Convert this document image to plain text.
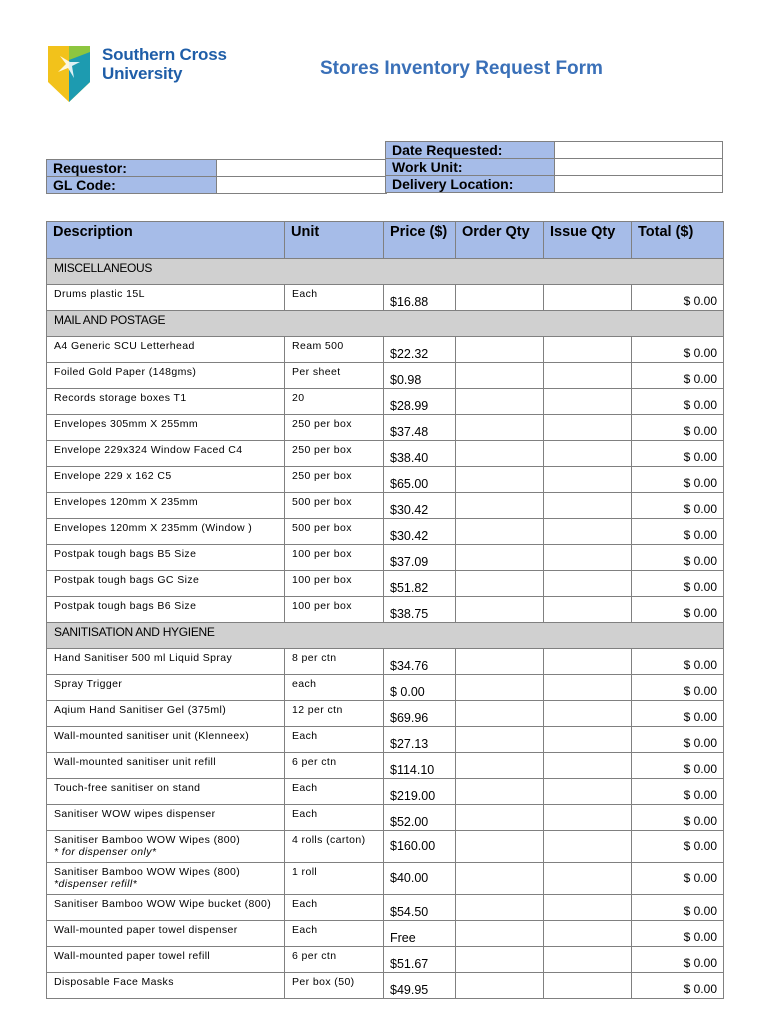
Southern Cross
University	Stores Inventory Request Form
Requestor:	
GL Code:	
Date Requested:	
Work Unit:	
Delivery Location:	
Description	Unit	Price ($)	Order Qty	Issue Qty	Total ($)
MISCELLANEOUS					
Drums plastic 15L	Each	$16.88			$ 0.00
MAIL AND POSTAGE					
A4 Generic SCU Letterhead	Ream 500	$22.32			$ 0.00
Foiled Gold Paper (148gms)	Per sheet	$0.98			$ 0.00
Records storage boxes T1	20	$28.99			$ 0.00
Envelopes 305mm X 255mm	250 per box	$37.48			$ 0.00
Envelope 229x324 Window Faced C4	250 per box	$38.40			$ 0.00
Envelope 229 x 162 C5	250 per box	$65.00			$ 0.00
Envelopes 120mm X 235mm	500 per box	$30.42			$ 0.00
Envelopes 120mm X 235mm (Window )	500 per box	$30.42			$ 0.00
Postpak tough bags B5 Size	100 per box	$37.09			$ 0.00
Postpak tough bags GC Size	100 per box	$51.82			$ 0.00
Postpak tough bags B6 Size	100 per box	$38.75			$ 0.00
SANITISATION AND HYGIENE					
Hand Sanitiser 500 ml Liquid Spray	8 per ctn	$34.76			$ 0.00
Spray Trigger	each	$ 0.00			$ 0.00
Aqium Hand Sanitiser Gel (375ml)	12 per ctn	$69.96			$ 0.00
Wall-mounted sanitiser unit (Klenneex)	Each	$27.13			$ 0.00
Wall-mounted sanitiser unit refill	6 per ctn	$114.10			$ 0.00
Touch-free sanitiser on stand	Each	$219.00			$ 0.00
Sanitiser WOW wipes dispenser	Each	$52.00			$ 0.00
Sanitiser Bamboo WOW Wipes (800)
* for dispenser only*	4 rolls (carton)	$160.00			$ 0.00
Sanitiser Bamboo WOW Wipes (800)
*dispenser refill*	1 roll	$40.00			$ 0.00
Sanitiser Bamboo WOW Wipe bucket (800)	Each	$54.50			$ 0.00
Wall-mounted paper towel dispenser	Each	Free			$ 0.00
Wall-mounted paper towel refill	6 per ctn	$51.67			$ 0.00
Disposable Face Masks	Per box (50)	$49.95			$ 0.00
